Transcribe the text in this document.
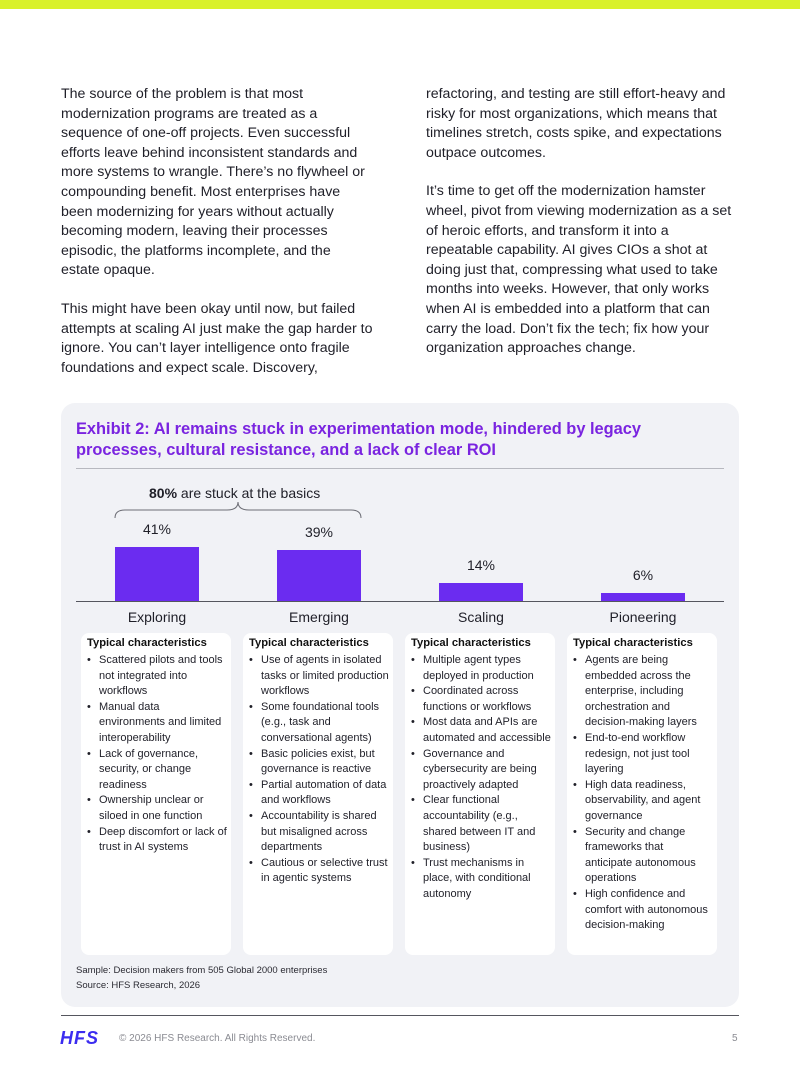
The source of the problem is that most modernization programs are treated as a sequence of one-off projects. Even successful efforts leave behind inconsistent standards and more systems to wrangle. There’s no flywheel or compounding benefit. Most enterprises have been modernizing for years without actually becoming modern, leaving their processes episodic, the platforms incomplete, and the estate opaque.

This might have been okay until now, but failed attempts at scaling AI just make the gap harder to ignore. You can’t layer intelligence onto fragile foundations and expect scale. Discovery,

refactoring, and testing are still effort-heavy and risky for most organizations, which means that timelines stretch, costs spike, and expectations outpace outcomes.

It’s time to get off the modernization hamster wheel, pivot from viewing modernization as a set of heroic efforts, and transform it into a repeatable capability. AI gives CIOs a shot at doing just that, compressing what used to take months into weeks. However, that only works when AI is embedded into a platform that can carry the load. Don’t fix the tech; fix how your organization approaches change.

Exhibit 2: AI remains stuck in experimentation mode, hindered by legacy processes, cultural resistance, and a lack of clear ROI
80% are stuck at the basics
41%
Exploring
39%
Emerging
14%
Scaling
6%
Pioneering
Typical characteristics
• Scattered pilots and tools not integrated into workflows
• Manual data environments and limited interoperability
• Lack of governance, security, or change readiness
• Ownership unclear or siloed in one function
• Deep discomfort or lack of trust in AI systems
Typical characteristics
• Use of agents in isolated tasks or limited production workflows
• Some foundational tools (e.g., task and conversational agents)
• Basic policies exist, but governance is reactive
• Partial automation of data and workflows
• Accountability is shared but misaligned across departments
• Cautious or selective trust in agentic systems
Typical characteristics
• Multiple agent types deployed in production
• Coordinated across functions or workflows
• Most data and APIs are automated and accessible
• Governance and cybersecurity are being proactively adapted
• Clear functional accountability (e.g., shared between IT and business)
• Trust mechanisms in place, with conditional autonomy
Typical characteristics
• Agents are being embedded across the enterprise, including orchestration and decision-making layers
• End-to-end workflow redesign, not just tool layering
• High data readiness, observability, and agent governance
• Security and change frameworks that anticipate autonomous operations
• High confidence and comfort with autonomous decision-making
Sample: Decision makers from 505 Global 2000 enterprises
Source: HFS Research, 2026
HFS © 2026 HFS Research. All Rights Reserved.	5
